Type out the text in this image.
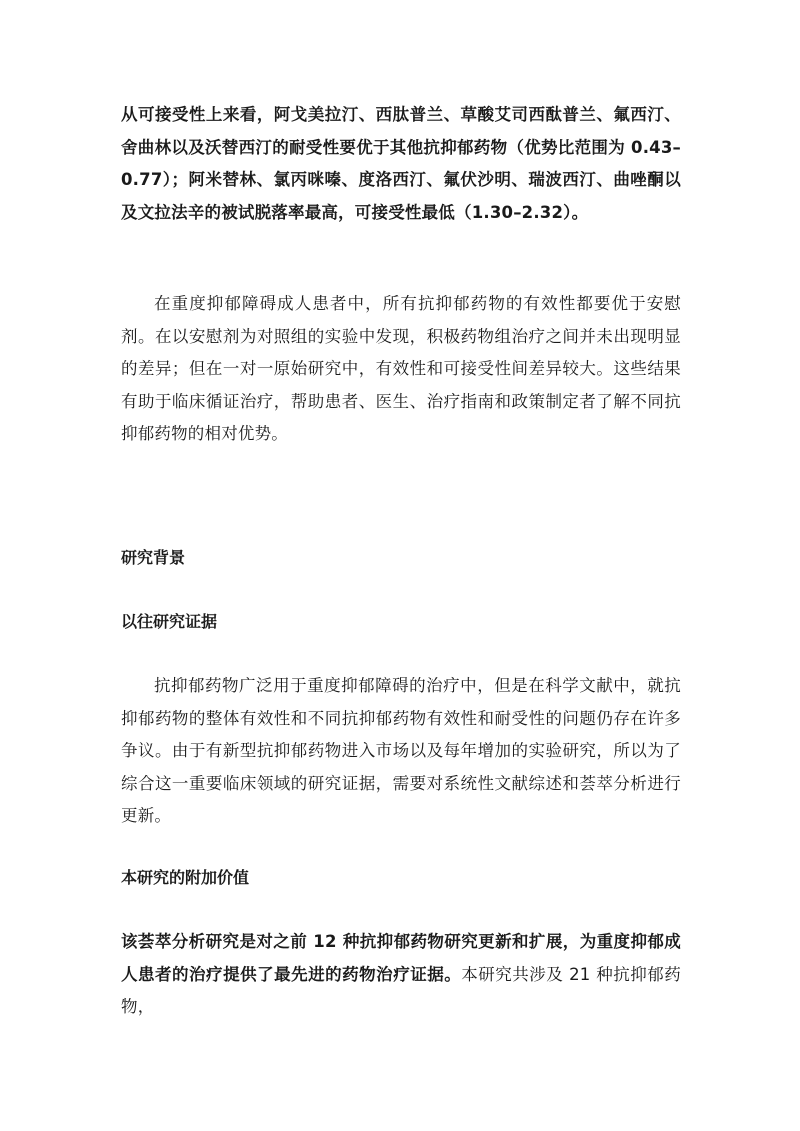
从可接受性上来看，阿戈美拉汀、西肽普兰、草酸艾司西酞普兰、氟西汀、舍曲林以及沃替西汀的耐受性要优于其他抗抑郁药物（优势比范围为 0.43–0.77）；阿米替林、氯丙咪嗪、度洛西汀、氟伏沙明、瑞波西汀、曲唑酮以及文拉法辛的被试脱落率最高，可接受性最低（1.30–2.32）。

在重度抑郁障碍成人患者中，所有抗抑郁药物的有效性都要优于安慰剂。在以安慰剂为对照组的实验中发现，积极药物组治疗之间并未出现明显的差异；但在一对一原始研究中，有效性和可接受性间差异较大。这些结果有助于临床循证治疗，帮助患者、医生、治疗指南和政策制定者了解不同抗抑郁药物的相对优势。

研究背景
以往研究证据

抗抑郁药物广泛用于重度抑郁障碍的治疗中，但是在科学文献中，就抗抑郁药物的整体有效性和不同抗抑郁药物有效性和耐受性的问题仍存在许多争议。由于有新型抗抑郁药物进入市场以及每年增加的实验研究，所以为了综合这一重要临床领域的研究证据，需要对系统性文献综述和荟萃分析进行更新。

本研究的附加价值

该荟萃分析研究是对之前 12 种抗抑郁药物研究更新和扩展，为重度抑郁成人患者的治疗提供了最先进的药物治疗证据。本研究共涉及 21 种抗抑郁药物，
